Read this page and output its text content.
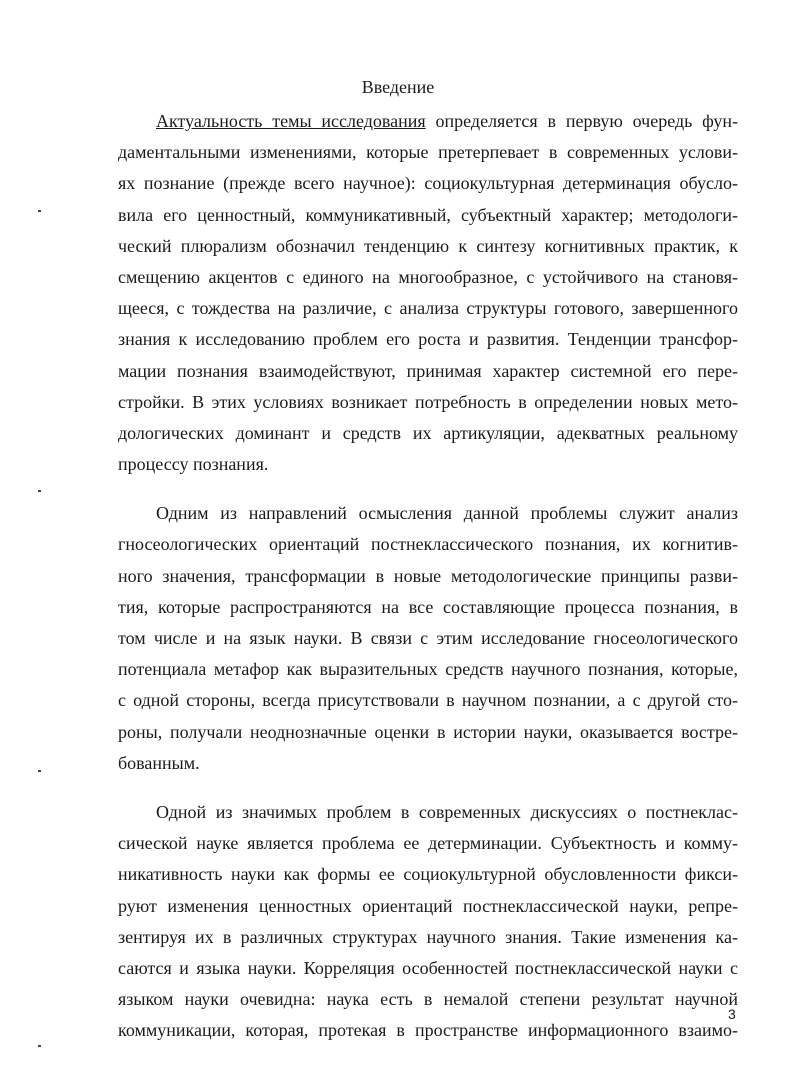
Введение
Актуальность темы исследования определяется в первую очередь фун-
даментальными изменениями, которые претерпевает в современных услови-
ях познание (прежде всего научное): социокультурная детерминация обусло-
вила его ценностный, коммуникативный, субъектный характер; методологи-
ческий плюрализм обозначил тенденцию к синтезу когнитивных практик, к
смещению акцентов с единого на многообразное, с устойчивого на становя-
щееся, с тождества на различие, с анализа структуры готового, завершенного
знания к исследованию проблем его роста и развития. Тенденции трансфор-
мации познания взаимодействуют, принимая характер системной его пере-
стройки. В этих условиях возникает потребность в определении новых мето-
дологических доминант и средств их артикуляции, адекватных реальному
процессу познания.
Одним из направлений осмысления данной проблемы служит анализ
гносеологических ориентаций постнеклассического познания, их когнитив-
ного значения, трансформации в новые методологические принципы разви-
тия, которые распространяются на все составляющие процесса познания, в
том числе и на язык науки. В связи с этим исследование гносеологического
потенциала метафор как выразительных средств научного познания, которые,
с одной стороны, всегда присутствовали в научном познании, а с другой сто-
роны, получали неоднозначные оценки в истории науки, оказывается востре-
бованным.
Одной из значимых проблем в современных дискуссиях о постнеклас-
сической науке является проблема ее детерминации. Субъектность и комму-
никативность науки как формы ее социокультурной обусловленности фикси-
руют изменения ценностных ориентаций постнеклассической науки, репре-
зентируя их в различных структурах научного знания. Такие изменения ка-
саются и языка науки. Корреляция особенностей постнеклассической науки с
языком науки очевидна: наука есть в немалой степени результат научной
коммуникации, которая, протекая в пространстве информационного взаимо-
3
